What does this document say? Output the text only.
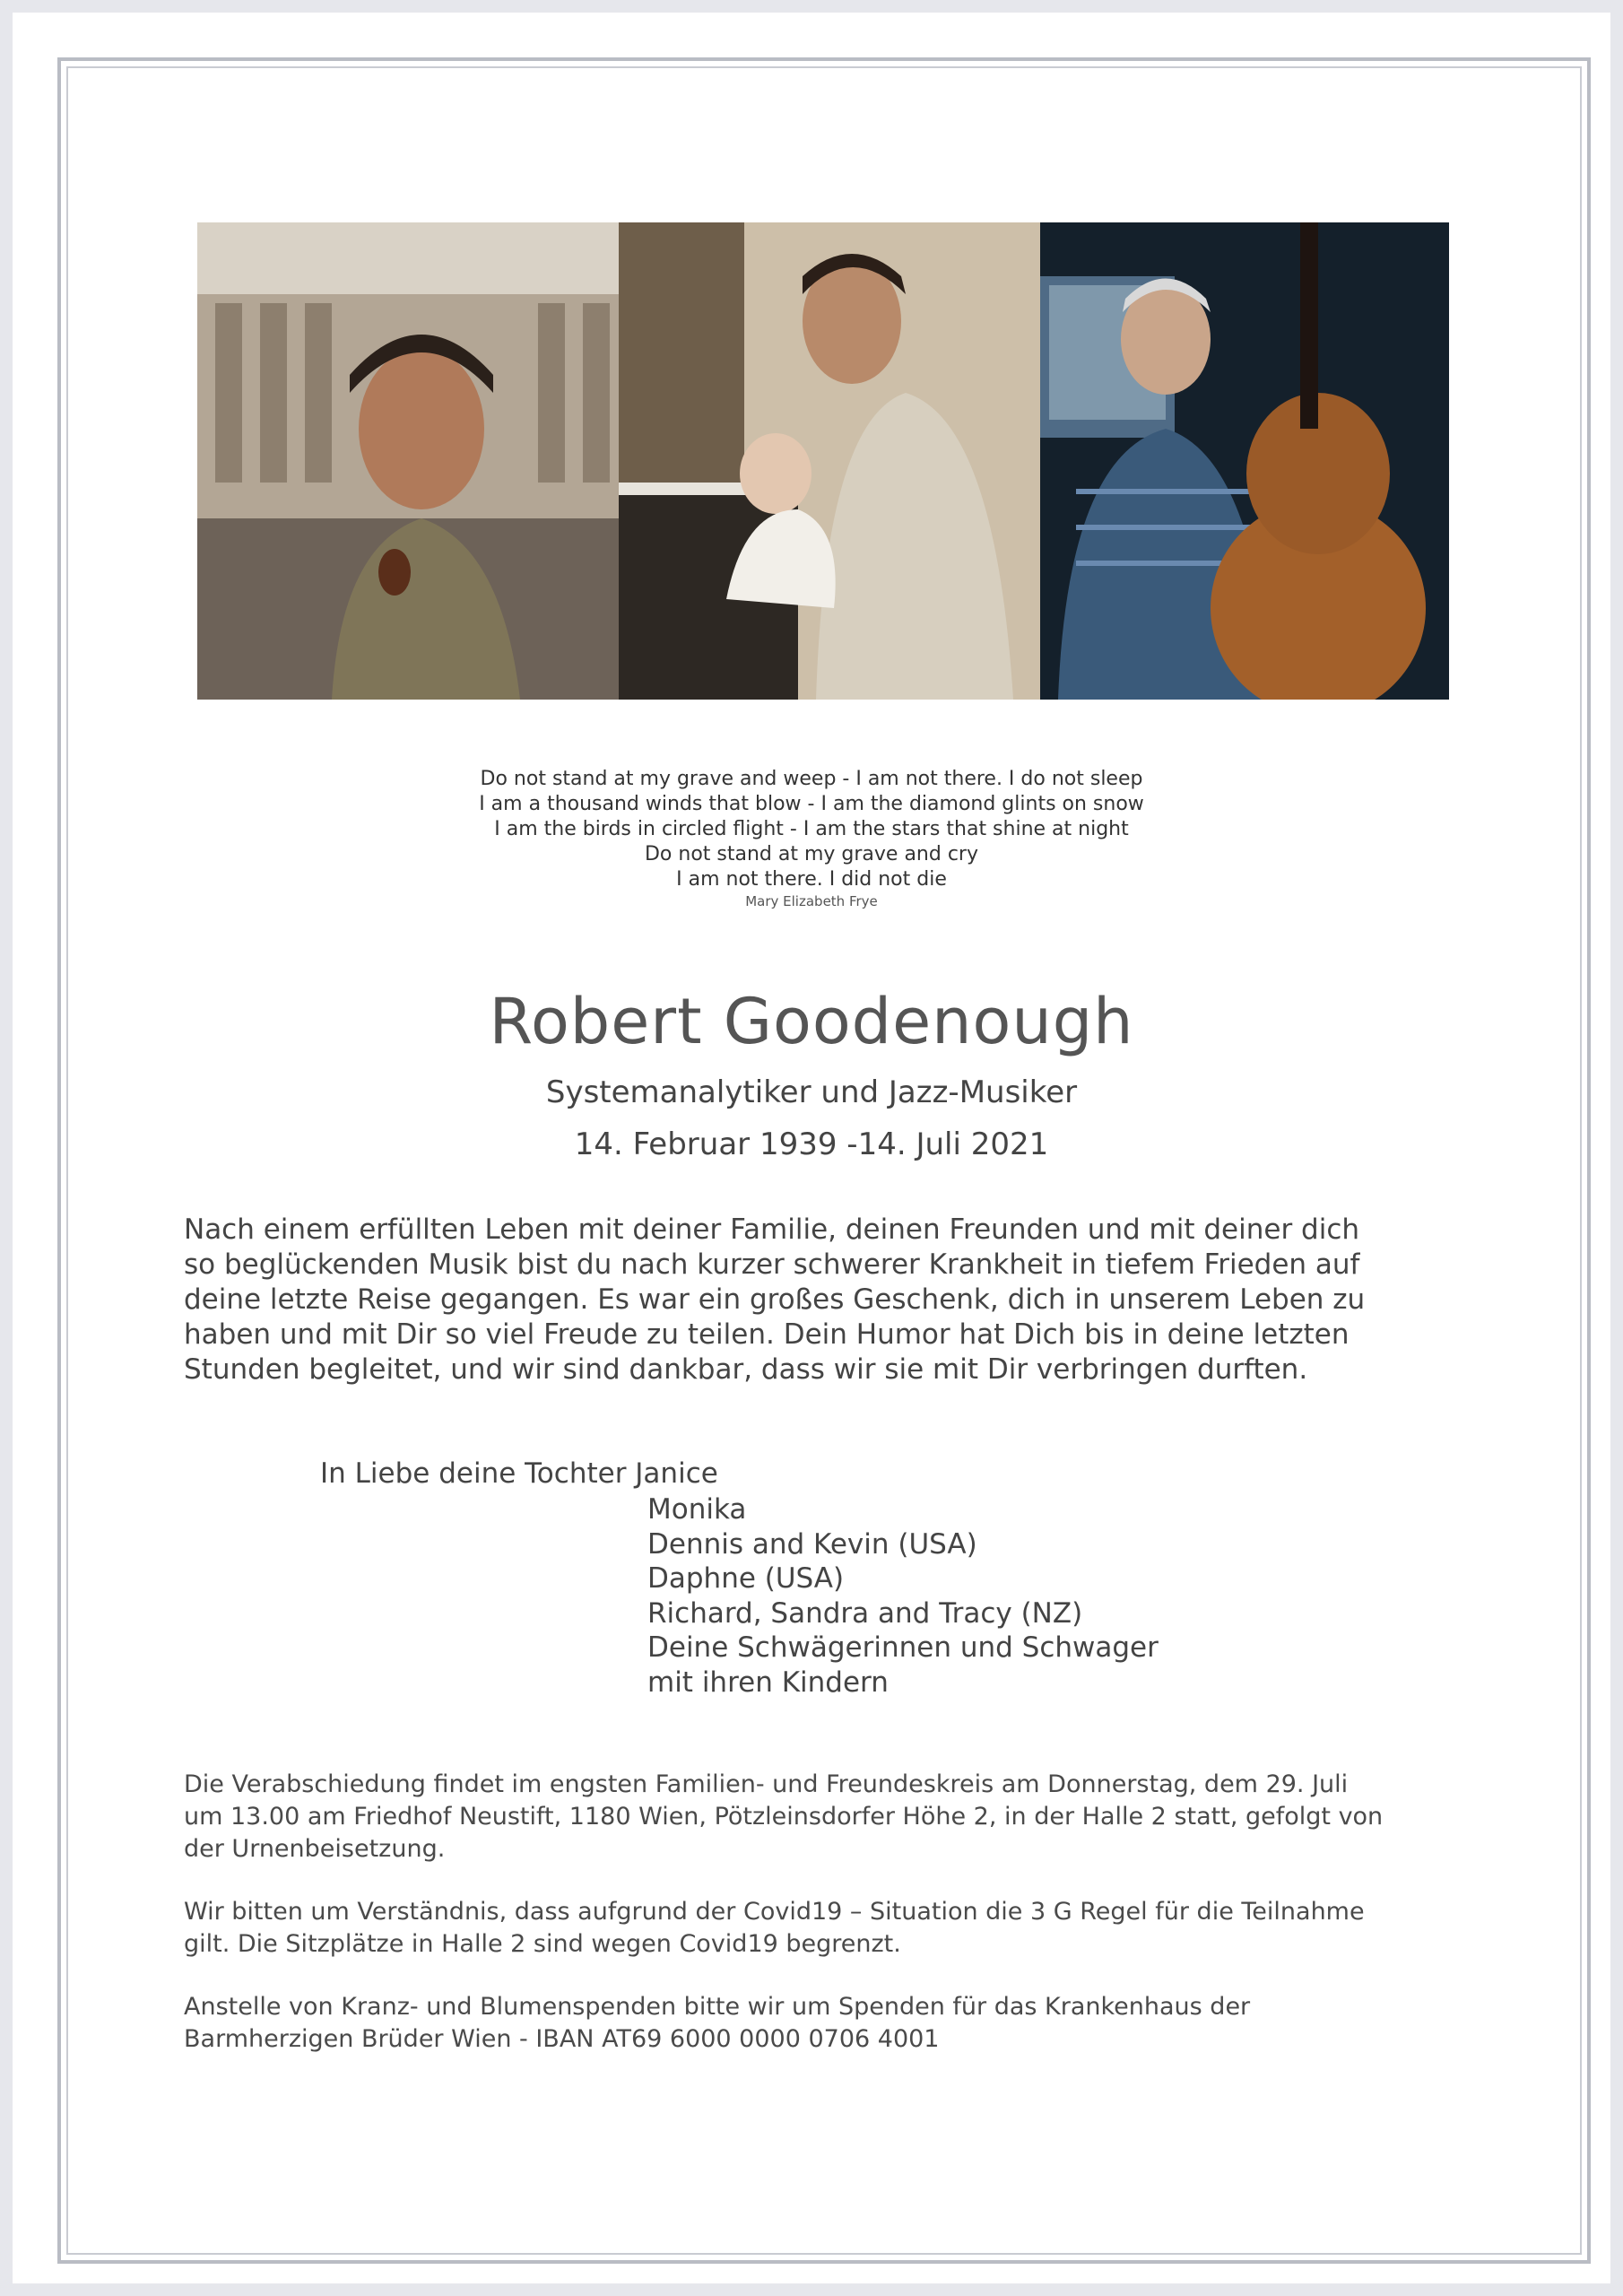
Do not stand at my grave and weep - I am not there. I do not sleep
I am a thousand winds that blow - I am the diamond glints on snow
I am the birds in circled flight - I am the stars that shine at night
Do not stand at my grave and cry
I am not there. I did not die
Mary Elizabeth Frye
Robert Goodenough
Systemanalytiker und Jazz-Musiker
14. Februar 1939 -14. Juli 2021
Nach einem erfüllten Leben mit deiner Familie, deinen Freunden und mit deiner dich
so beglückenden Musik bist du nach kurzer schwerer Krankheit in tiefem Frieden auf
deine letzte Reise gegangen. Es war ein großes Geschenk, dich in unserem Leben zu
haben und mit Dir so viel Freude zu teilen. Dein Humor hat Dich bis in deine letzten
Stunden begleitet, und wir sind dankbar, dass wir sie mit Dir verbringen durften.
In Liebe deine Tochter Janice
Monika
Dennis and Kevin (USA)
Daphne (USA)
Richard, Sandra and Tracy (NZ)
Deine Schwägerinnen und Schwager
mit ihren Kindern
Die Verabschiedung findet im engsten Familien- und Freundeskreis am Donnerstag, dem 29. Juli
um 13.00 am Friedhof Neustift, 1180 Wien, Pötzleinsdorfer Höhe 2, in der Halle 2 statt, gefolgt von
der Urnenbeisetzung.
Wir bitten um Verständnis, dass aufgrund der Covid19 – Situation die 3 G Regel für die Teilnahme
gilt. Die Sitzplätze in Halle 2 sind wegen Covid19 begrenzt.
Anstelle von Kranz- und Blumenspenden bitte wir um Spenden für das Krankenhaus der
Barmherzigen Brüder Wien - IBAN AT69 6000 0000 0706 4001
